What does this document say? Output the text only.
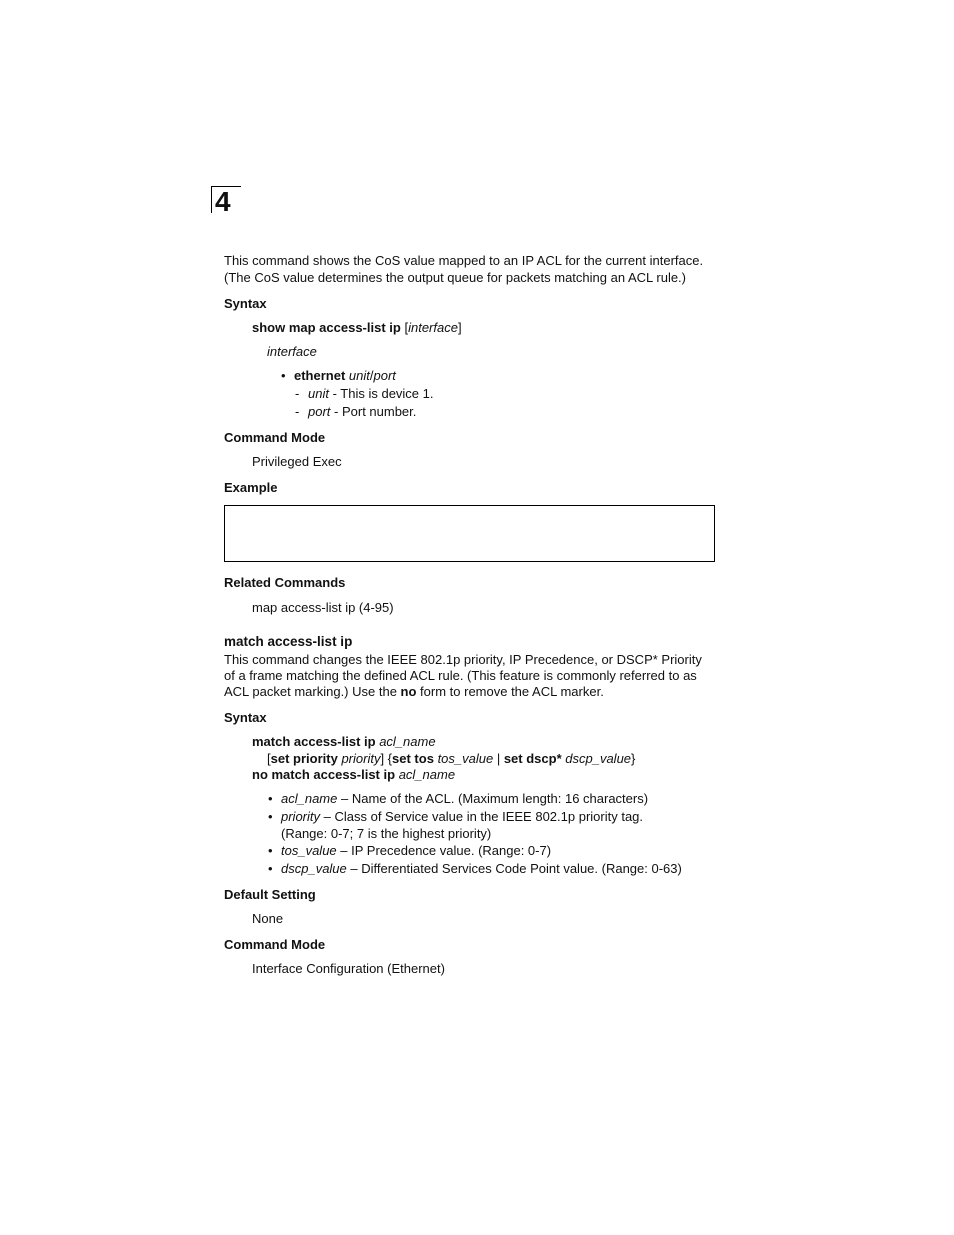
4
This command shows the CoS value mapped to an IP ACL for the current interface.
(The CoS value determines the output queue for packets matching an ACL rule.)
Syntax
show map access-list ip [interface]
interface
• ethernet unit/port
- unit - This is device 1.
- port - Port number.
Command Mode
Privileged Exec
Example
Related Commands
map access-list ip (4-95)
match access-list ip
This command changes the IEEE 802.1p priority, IP Precedence, or DSCP* Priority
of a frame matching the defined ACL rule. (This feature is commonly referred to as
ACL packet marking.) Use the no form to remove the ACL marker.
Syntax
match access-list ip acl_name
[set priority priority] {set tos tos_value | set dscp* dscp_value}
no match access-list ip acl_name
• acl_name – Name of the ACL. (Maximum length: 16 characters)
• priority – Class of Service value in the IEEE 802.1p priority tag.
(Range: 0-7; 7 is the highest priority)
• tos_value – IP Precedence value. (Range: 0-7)
• dscp_value – Differentiated Services Code Point value. (Range: 0-63)
Default Setting
None
Command Mode
Interface Configuration (Ethernet)
